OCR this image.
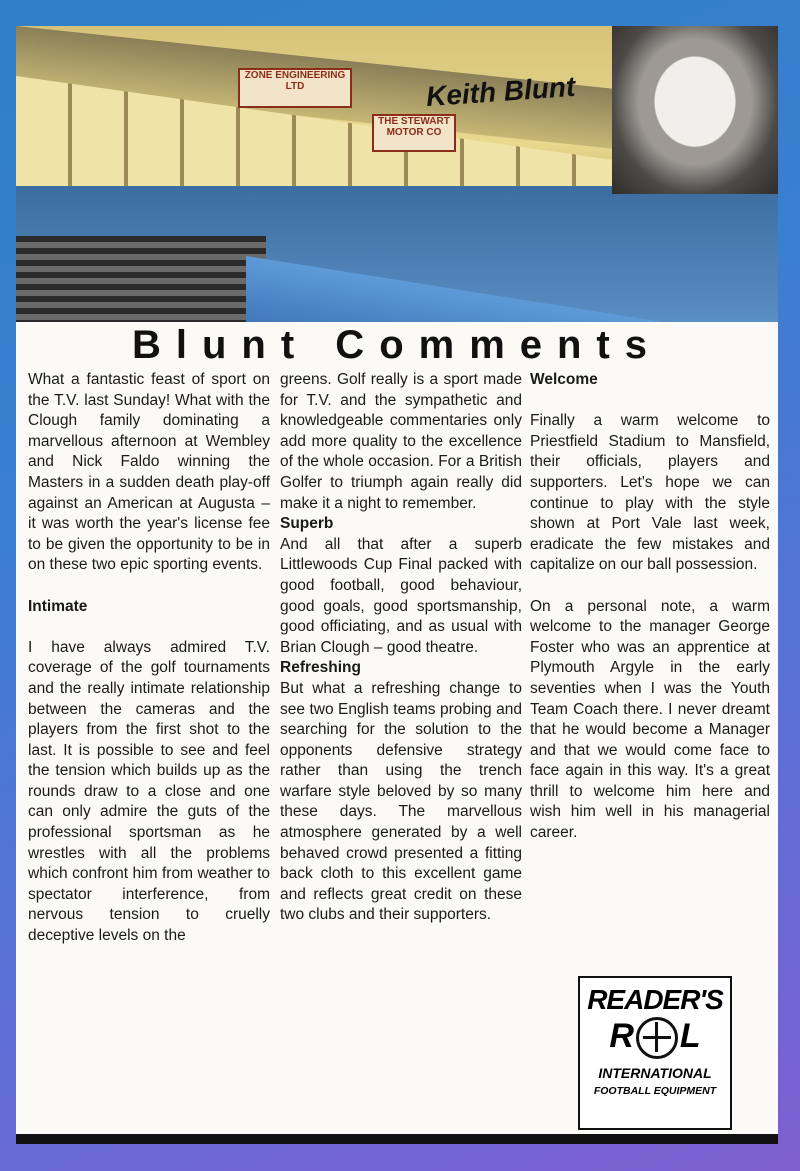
ZONE ENGINEERING LTD
THE STEWART MOTOR CO
Keith Blunt
Blunt Comments

What a fantastic feast of sport on the T.V. last Sunday! What with the Clough family dominating a marvellous afternoon at Wembley and Nick Faldo winning the Masters in a sudden death play-off against an American at Augusta – it was worth the year's license fee to be given the opportunity to be in on these two epic sporting events.

Intimate

I have always admired T.V. coverage of the golf tournaments and the really intimate relationship between the cameras and the players from the first shot to the last. It is possible to see and feel the tension which builds up as the rounds draw to a close and one can only admire the guts of the professional sportsman as he wrestles with all the problems which confront him from weather to spectator interference, from nervous tension to cruelly deceptive levels on the

greens. Golf really is a sport made for T.V. and the sympathetic and knowledgeable commentaries only add more quality to the excellence of the whole occasion. For a British Golfer to triumph again really did make it a night to remember.

Superb

And all that after a superb Littlewoods Cup Final packed with good football, good behaviour, good goals, good sportsmanship, good officiating, and as usual with Brian Clough – good theatre.

Refreshing

But what a refreshing change to see two English teams probing and searching for the solution to the opponents defensive strategy rather than using the trench warfare style beloved by so many these days. The marvellous atmosphere generated by a well behaved crowd presented a fitting back cloth to this excellent game and reflects great credit on these two clubs and their supporters.

Welcome

Finally a warm welcome to Priestfield Stadium to Mansfield, their officials, players and supporters. Let's hope we can continue to play with the style shown at Port Vale last week, eradicate the few mistakes and capitalize on our ball possession.

On a personal note, a warm welcome to the manager George Foster who was an apprentice at Plymouth Argyle in the early seventies when I was the Youth Team Coach there. I never dreamt that he would become a Manager and that we would come face to face again in this way. It's a great thrill to welcome him here and wish him well in his managerial career.

READER'S
R L
INTERNATIONAL
FOOTBALL EQUIPMENT
